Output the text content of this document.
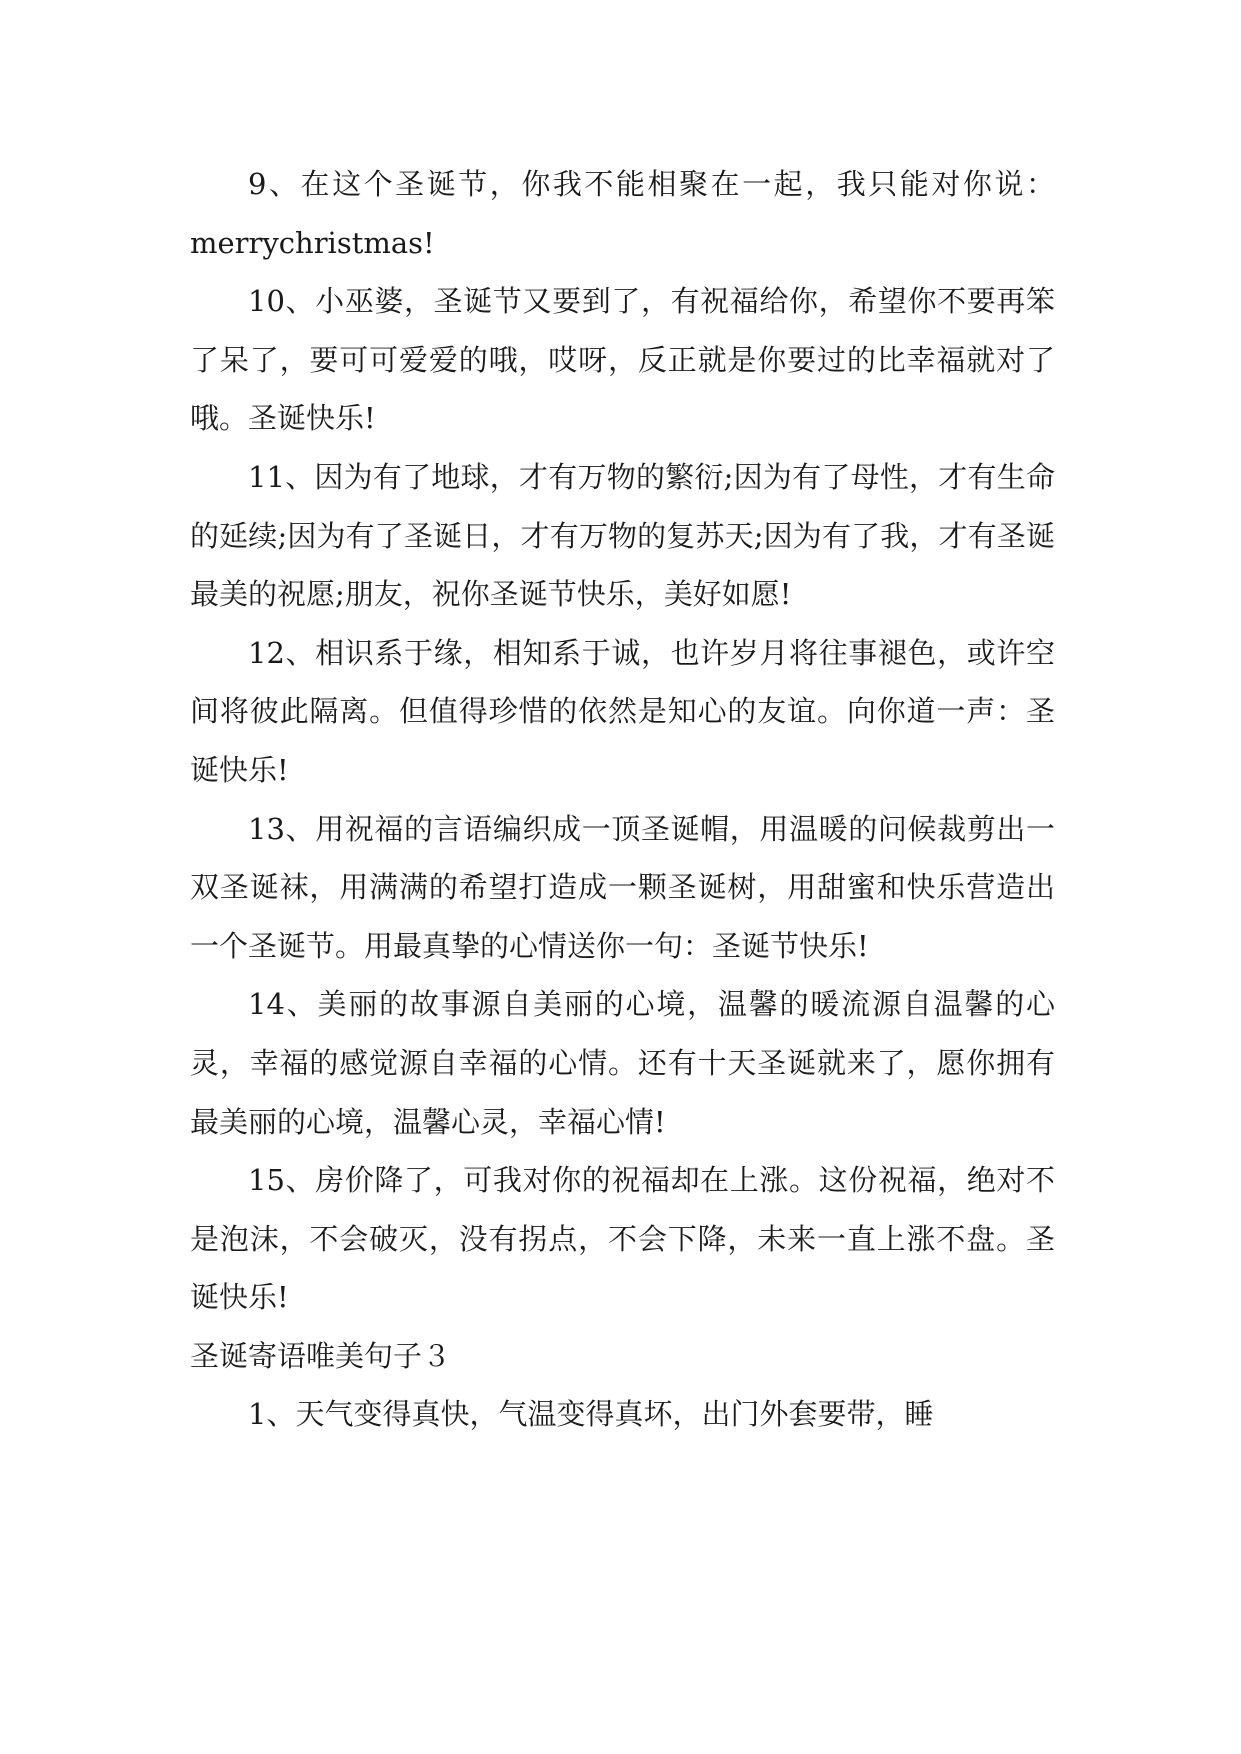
9、在这个圣诞节，你我不能相聚在一起，我只能对你说：merrychristmas!

10、小巫婆，圣诞节又要到了，有祝福给你，希望你不要再笨了呆了，要可可爱爱的哦，哎呀，反正就是你要过的比幸福就对了哦。圣诞快乐!

11、因为有了地球，才有万物的繁衍;因为有了母性，才有生命的延续;因为有了圣诞日，才有万物的复苏天;因为有了我，才有圣诞最美的祝愿;朋友，祝你圣诞节快乐，美好如愿!

12、相识系于缘，相知系于诚，也许岁月将往事褪色，或许空间将彼此隔离。但值得珍惜的依然是知心的友谊。向你道一声：圣诞快乐!

13、用祝福的言语编织成一顶圣诞帽，用温暖的问候裁剪出一双圣诞袜，用满满的希望打造成一颗圣诞树，用甜蜜和快乐营造出一个圣诞节。用最真挚的心情送你一句：圣诞节快乐!

14、美丽的故事源自美丽的心境，温馨的暖流源自温馨的心灵，幸福的感觉源自幸福的心情。还有十天圣诞就来了，愿你拥有最美丽的心境，温馨心灵，幸福心情!

15、房价降了，可我对你的祝福却在上涨。这份祝福，绝对不是泡沫，不会破灭，没有拐点，不会下降，未来一直上涨不盘。圣诞快乐!

圣诞寄语唯美句子３

1、天气变得真快，气温变得真坏，出门外套要带，睡
